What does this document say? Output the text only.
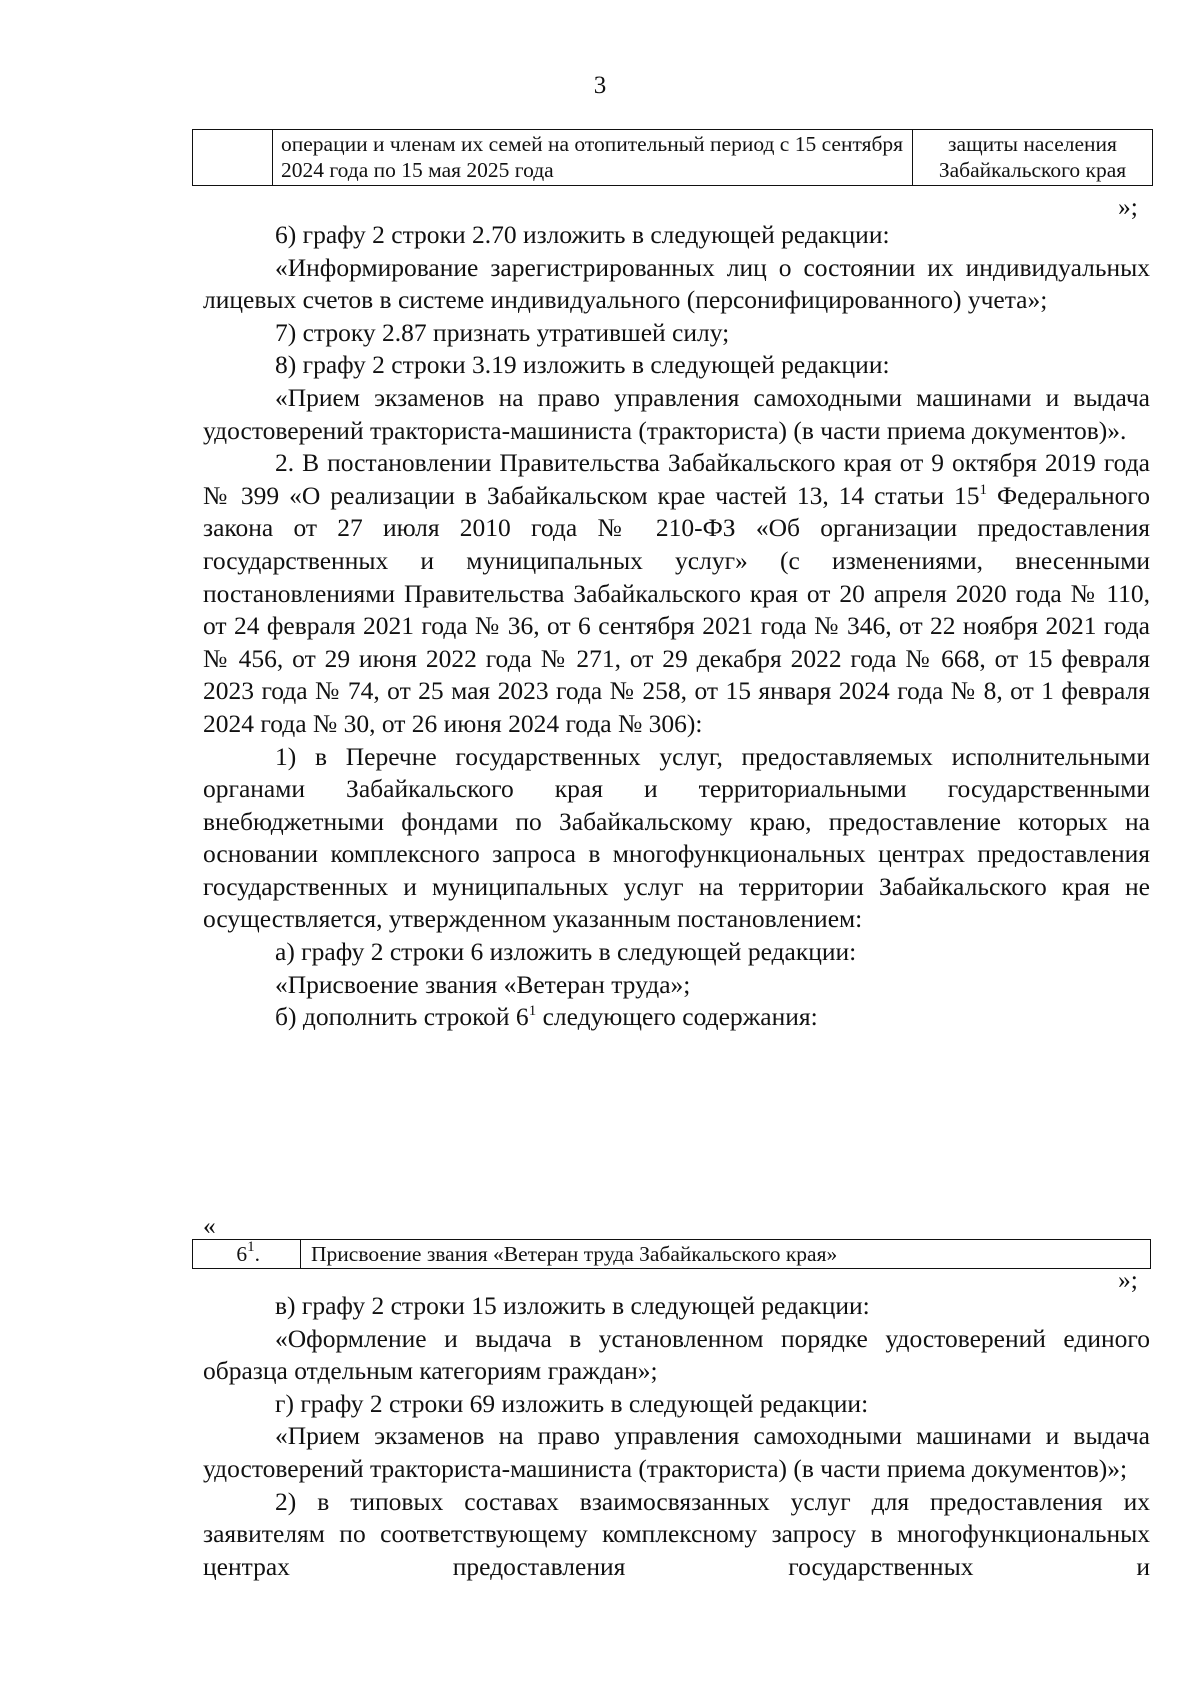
3
	операции и членам их семей на отопительный период с 15 сентября 2024 года по 15 мая 2025 года	защиты населения Забайкальского края
»;

6) графу 2 строки 2.70 изложить в следующей редакции:

«Информирование зарегистрированных лиц о состоянии их индивидуальных лицевых счетов в системе индивидуального (персонифицированного) учета»;

7) строку 2.87 признать утратившей силу;

8) графу 2 строки 3.19 изложить в следующей редакции:

«Прием экзаменов на право управления самоходными машинами и выдача удостоверений тракториста-машиниста (тракториста) (в части приема документов)».

2. В постановлении Правительства Забайкальского края от 9 октября 2019 года № 399 «О реализации в Забайкальском крае частей 13, 14 статьи $15^1$ Федерального закона от 27 июля 2010 года № 210-ФЗ «Об организации предоставления государственных и муниципальных услуг» (с изменениями, внесенными постановлениями Правительства Забайкальского края от 20 апреля 2020 года № 110, от 24 февраля 2021 года № 36, от 6 сентября 2021 года № 346, от 22 ноября 2021 года № 456, от 29 июня 2022 года № 271, от 29 декабря 2022 года № 668, от 15 февраля 2023 года № 74, от 25 мая 2023 года № 258, от 15 января 2024 года № 8, от 1 февраля 2024 года № 30, от 26 июня 2024 года № 306):

1) в Перечне государственных услуг, предоставляемых исполнительными органами Забайкальского края и территориальными государственными внебюджетными фондами по Забайкальскому краю, предоставление которых на основании комплексного запроса в многофункциональных центрах предоставления государственных и муниципальных услуг на территории Забайкальского края не осуществляется, утвержденном указанным постановлением:

а) графу 2 строки 6 изложить в следующей редакции:

«Присвоение звания «Ветеран труда»;

б) дополнить строкой $6^1$ следующего содержания:

«
$6^1$.	Присвоение звания «Ветеран труда Забайкальского края»
»;

в) графу 2 строки 15 изложить в следующей редакции:

«Оформление и выдача в установленном порядке удостоверений единого образца отдельным категориям граждан»;

г) графу 2 строки 69 изложить в следующей редакции:

«Прием экзаменов на право управления самоходными машинами и выдача удостоверений тракториста-машиниста (тракториста) (в части приема документов)»;

2) в типовых составах взаимосвязанных услуг для предоставления их заявителям по соответствующему комплексному запросу в многофункциональных центрах предоставления государственных и
